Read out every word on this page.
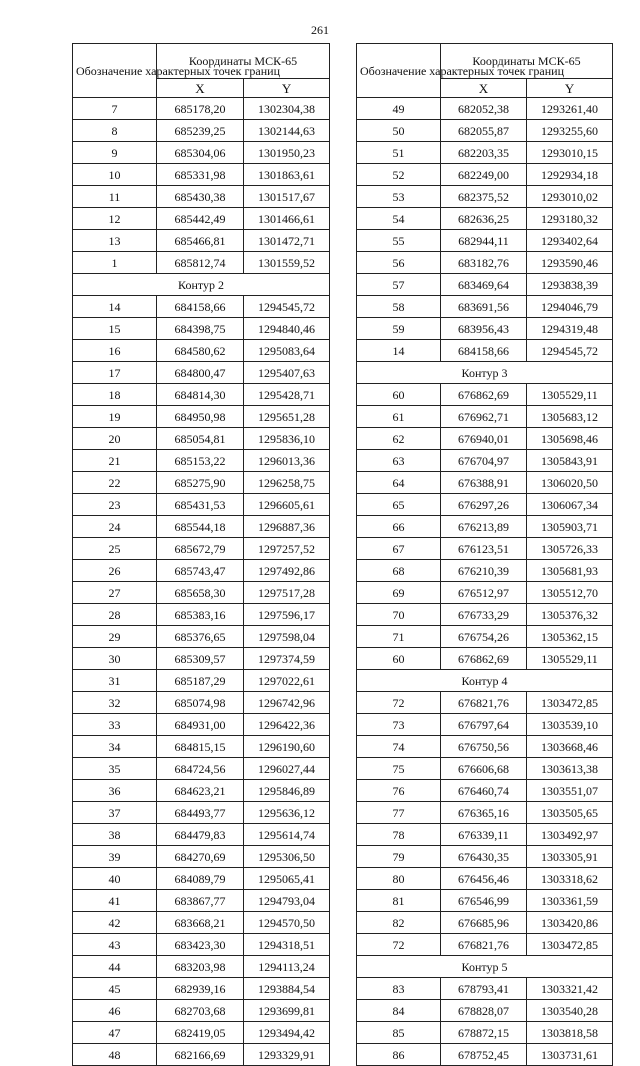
261
Обозначение характерных точек границ	Координаты МСК-65	
	X	Y
7	685178,20	1302304,38
8	685239,25	1302144,63
9	685304,06	1301950,23
10	685331,98	1301863,61
11	685430,38	1301517,67
12	685442,49	1301466,61
13	685466,81	1301472,71
1	685812,74	1301559,52
Контур 2		
14	684158,66	1294545,72
15	684398,75	1294840,46
16	684580,62	1295083,64
17	684800,47	1295407,63
18	684814,30	1295428,71
19	684950,98	1295651,28
20	685054,81	1295836,10
21	685153,22	1296013,36
22	685275,90	1296258,75
23	685431,53	1296605,61
24	685544,18	1296887,36
25	685672,79	1297257,52
26	685743,47	1297492,86
27	685658,30	1297517,28
28	685383,16	1297596,17
29	685376,65	1297598,04
30	685309,57	1297374,59
31	685187,29	1297022,61
32	685074,98	1296742,96
33	684931,00	1296422,36
34	684815,15	1296190,60
35	684724,56	1296027,44
36	684623,21	1295846,89
37	684493,77	1295636,12
38	684479,83	1295614,74
39	684270,69	1295306,50
40	684089,79	1295065,41
41	683867,77	1294793,04
42	683668,21	1294570,50
43	683423,30	1294318,51
44	683203,98	1294113,24
45	682939,16	1293884,54
46	682703,68	1293699,81
47	682419,05	1293494,42
48	682166,69	1293329,91
Обозначение характерных точек границ	Координаты МСК-65	
	X	Y
49	682052,38	1293261,40
50	682055,87	1293255,60
51	682203,35	1293010,15
52	682249,00	1292934,18
53	682375,52	1293010,02
54	682636,25	1293180,32
55	682944,11	1293402,64
56	683182,76	1293590,46
57	683469,64	1293838,39
58	683691,56	1294046,79
59	683956,43	1294319,48
14	684158,66	1294545,72
Контур 3		
60	676862,69	1305529,11
61	676962,71	1305683,12
62	676940,01	1305698,46
63	676704,97	1305843,91
64	676388,91	1306020,50
65	676297,26	1306067,34
66	676213,89	1305903,71
67	676123,51	1305726,33
68	676210,39	1305681,93
69	676512,97	1305512,70
70	676733,29	1305376,32
71	676754,26	1305362,15
60	676862,69	1305529,11
Контур 4		
72	676821,76	1303472,85
73	676797,64	1303539,10
74	676750,56	1303668,46
75	676606,68	1303613,38
76	676460,74	1303551,07
77	676365,16	1303505,65
78	676339,11	1303492,97
79	676430,35	1303305,91
80	676456,46	1303318,62
81	676546,99	1303361,59
82	676685,96	1303420,86
72	676821,76	1303472,85
Контур 5		
83	678793,41	1303321,42
84	678828,07	1303540,28
85	678872,15	1303818,58
86	678752,45	1303731,61
